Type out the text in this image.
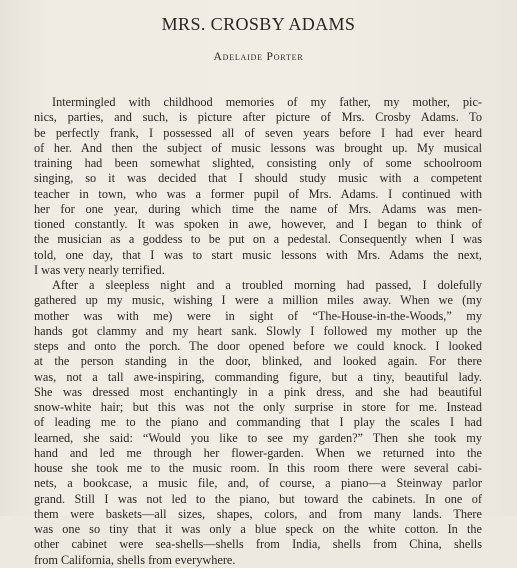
MRS. CROSBY ADAMS
Adelaide Porter
Intermingled with childhood memories of my father, my mother, pic-
nics, parties, and such, is picture after picture of Mrs. Crosby Adams. To
be perfectly frank, I possessed all of seven years before I had ever heard
of her. And then the subject of music lessons was brought up. My musical
training had been somewhat slighted, consisting only of some schoolroom
singing, so it was decided that I should study music with a competent
teacher in town, who was a former pupil of Mrs. Adams. I continued with
her for one year, during which time the name of Mrs. Adams was men-
tioned constantly. It was spoken in awe, however, and I began to think of
the musician as a goddess to be put on a pedestal. Consequently when I was
told, one day, that I was to start music lessons with Mrs. Adams the next,
I was very nearly terrified.
After a sleepless night and a troubled morning had passed, I dolefully
gathered up my music, wishing I were a million miles away. When we (my
mother was with me) were in sight of “The-House-in-the-Woods,” my
hands got clammy and my heart sank. Slowly I followed my mother up the
steps and onto the porch. The door opened before we could knock. I looked
at the person standing in the door, blinked, and looked again. For there
was, not a tall awe-inspiring, commanding figure, but a tiny, beautiful lady.
She was dressed most enchantingly in a pink dress, and she had beautiful
snow-white hair; but this was not the only surprise in store for me. Instead
of leading me to the piano and commanding that I play the scales I had
learned, she said: “Would you like to see my garden?” Then she took my
hand and led me through her flower-garden. When we returned into the
house she took me to the music room. In this room there were several cabi-
nets, a bookcase, a music file, and, of course, a piano—a Steinway parlor
grand. Still I was not led to the piano, but toward the cabinets. In one of
them were baskets—all sizes, shapes, colors, and from many lands. There
was one so tiny that it was only a blue speck on the white cotton. In the
other cabinet were sea-shells—shells from India, shells from China, shells
from California, shells from everywhere.
